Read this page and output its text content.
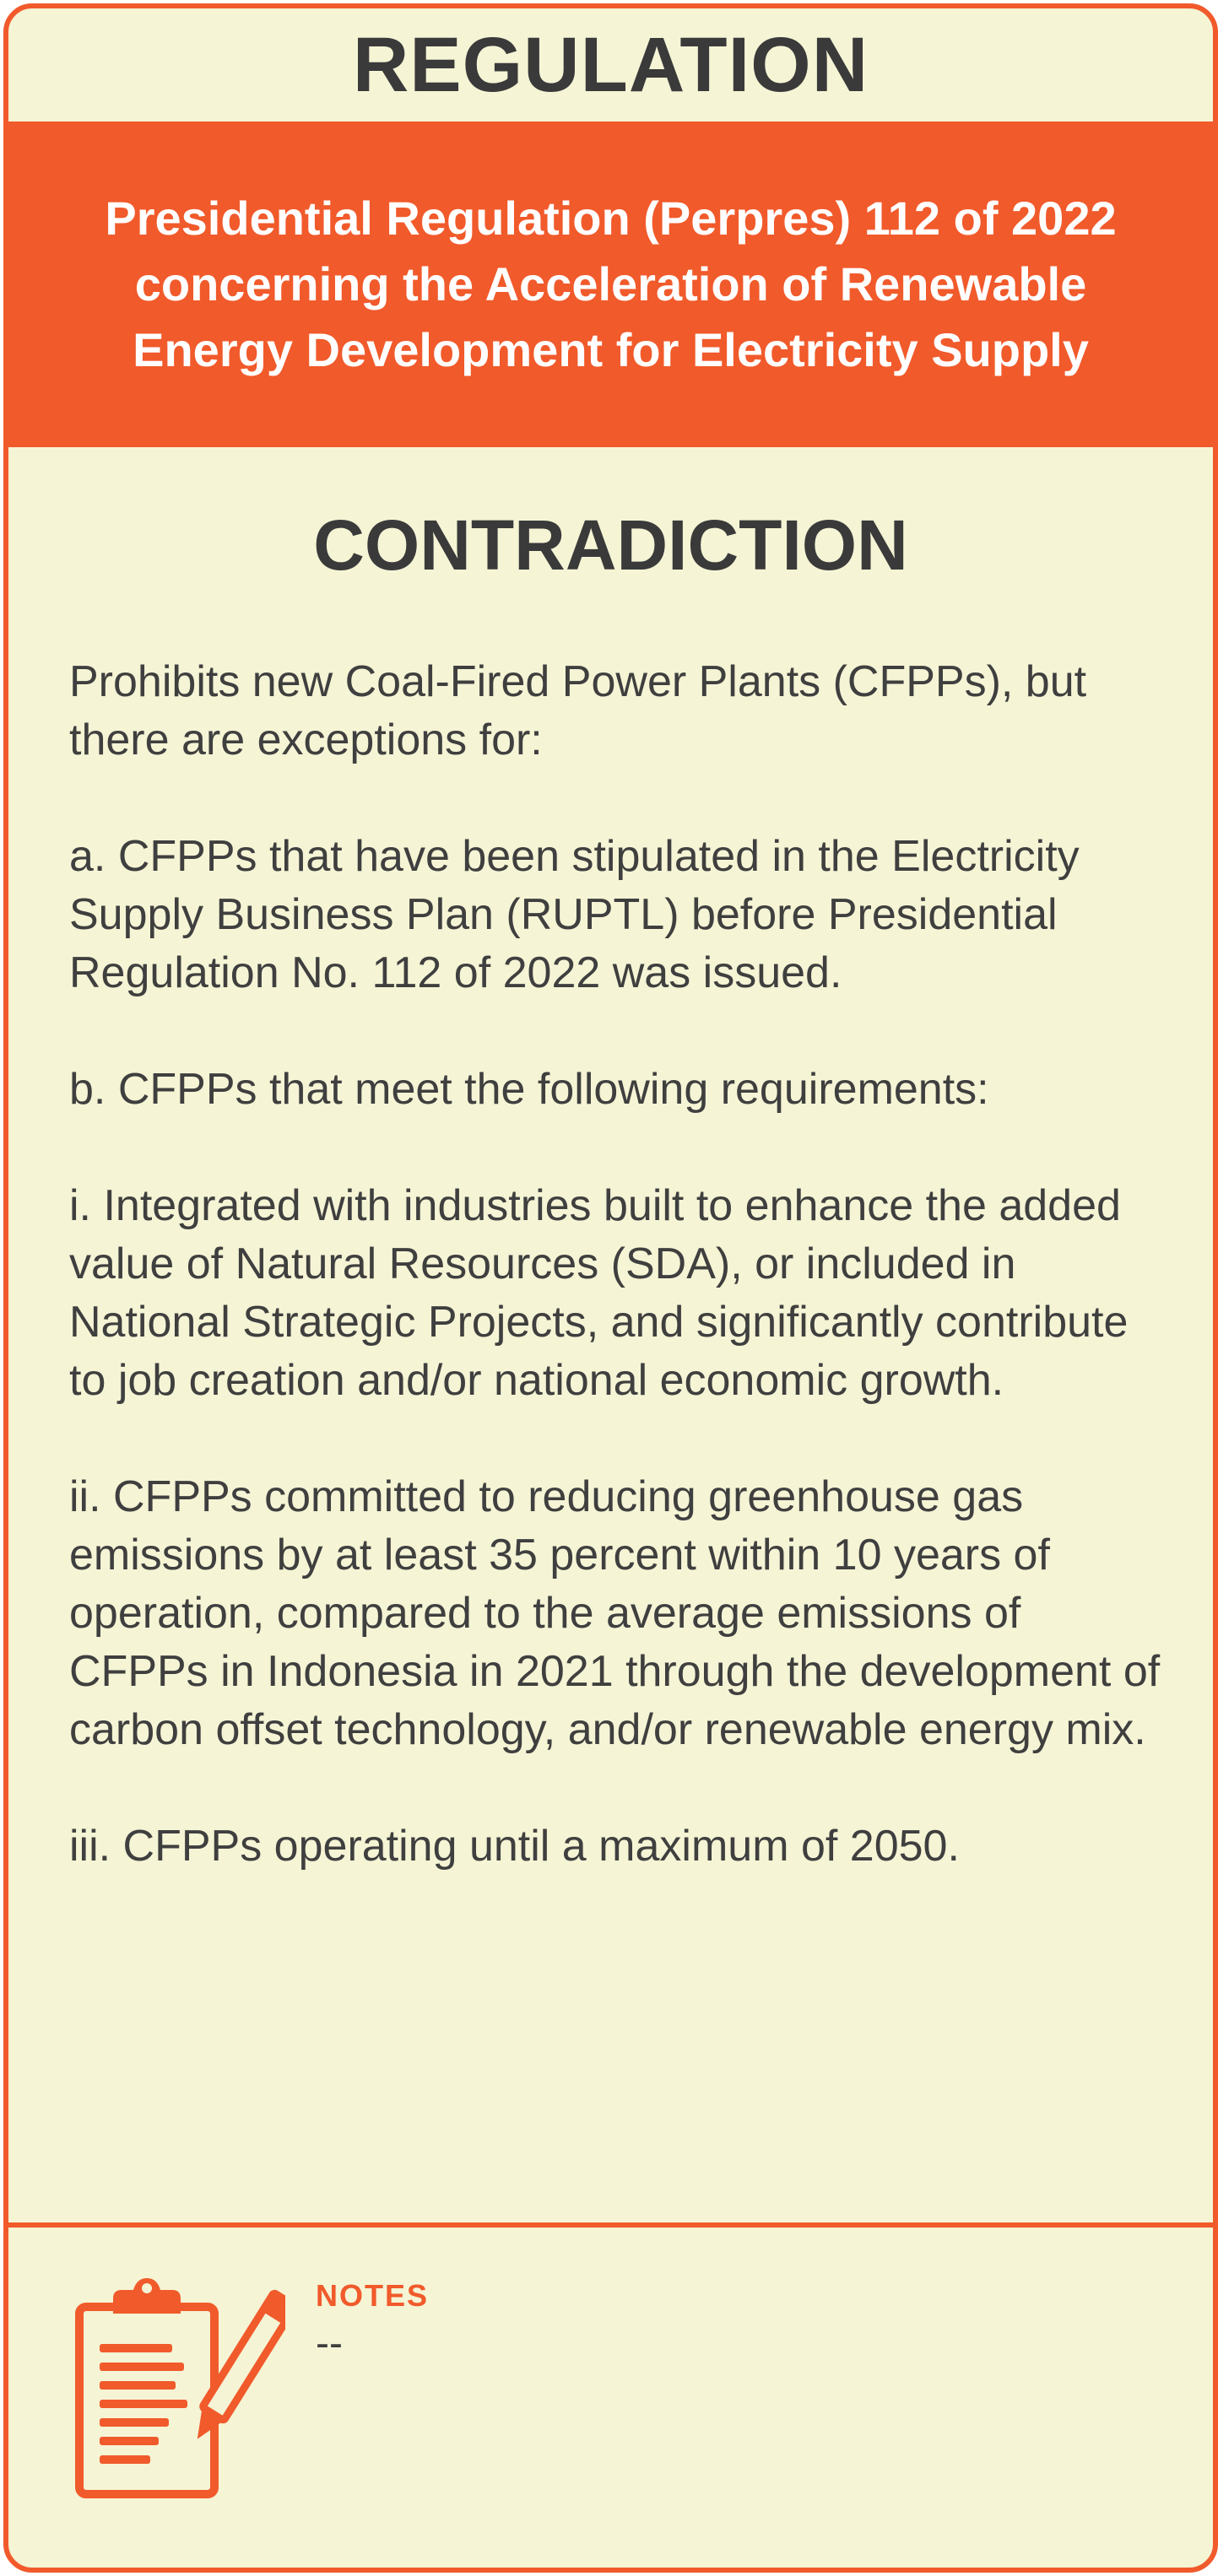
REGULATION
Presidential Regulation (Perpres) 112 of 2022 concerning the Acceleration of Renewable Energy Development for Electricity Supply
CONTRADICTION

Prohibits new Coal-Fired Power Plants (CFPPs), but there are exceptions for:

a. CFPPs that have been stipulated in the Electricity Supply Business Plan (RUPTL) before Presidential Regulation No. 112 of 2022 was issued.

b. CFPPs that meet the following requirements:

i. Integrated with industries built to enhance the added value of Natural Resources (SDA), or included in National Strategic Projects, and significantly contribute to job creation and/or national economic growth.

ii. CFPPs committed to reducing greenhouse gas emissions by at least 35 percent within 10 years of operation, compared to the average emissions of CFPPs in Indonesia in 2021 through the development of carbon offset technology, and/or renewable energy mix.

iii. CFPPs operating until a maximum of 2050.

NOTES
--
